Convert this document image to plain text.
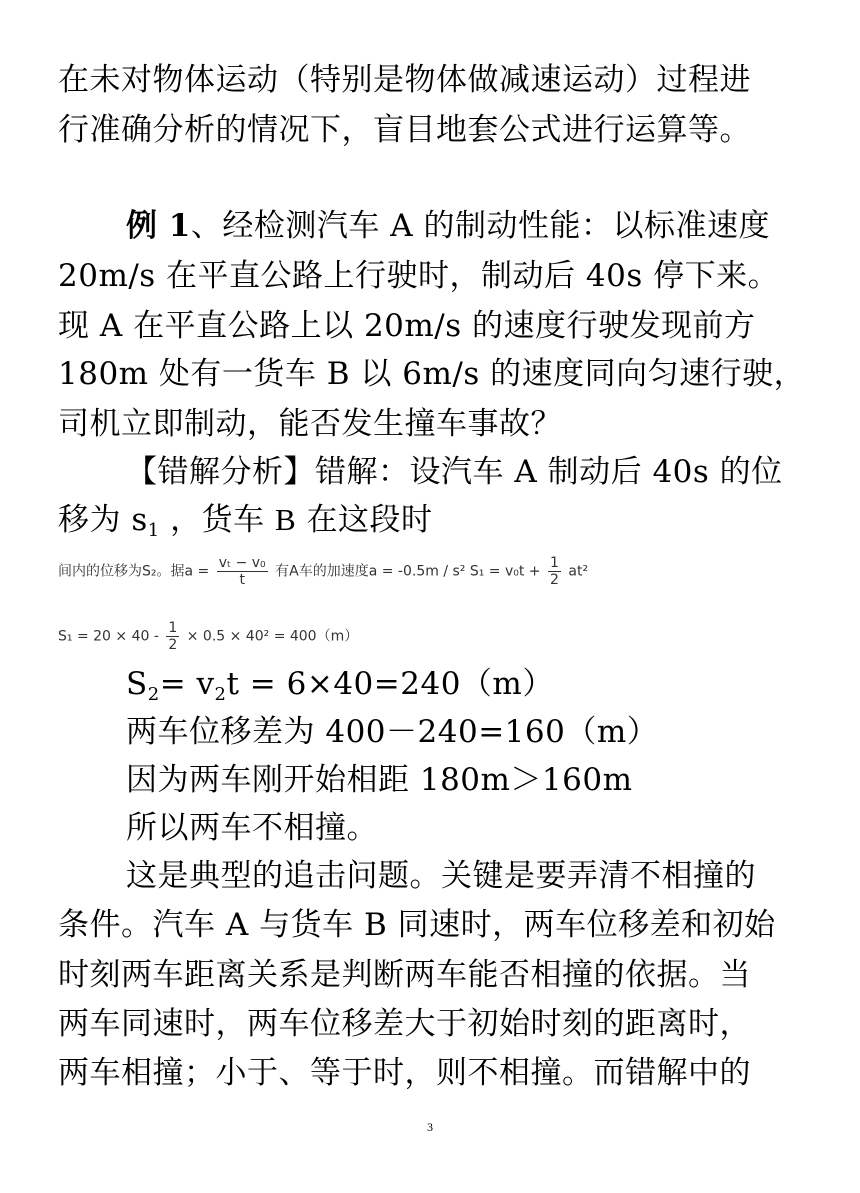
在未对物体运动（特别是物体做减速运动）过程进
行准确分析的情况下，盲目地套公式进行运算等。
例 1、经检测汽车 A 的制动性能：以标准速度
20m/s 在平直公路上行驶时，制动后 40s 停下来。
现 A 在平直公路上以 20m/s 的速度行驶发现前方
180m 处有一货车 B 以 6m/s 的速度同向匀速行驶，
司机立即制动，能否发生撞车事故？
【错解分析】错解：设汽车 A 制动后 40s 的位
移为 $s_1$ ，货车 B 在这段时
间内的位移为S₂。据$a = \frac{\text{vₜ − v₀}}{t}$ 有A车的加速度a = -0.5m / s² $S_1 = v_0t + \frac{1}{2} at^2$
$S_1 = 20 \times 40 - \frac{1}{2} \times 0.5 \times 40^2 = 400(m)$
$S_2= v_2t = 6\times 40=240(m)$
两车位移差为 400－240=160（m）
因为两车刚开始相距 180m＞160m
所以两车不相撞。
这是典型的追击问题。关键是要弄清不相撞的
条件。汽车 A 与货车 B 同速时，两车位移差和初始
时刻两车距离关系是判断两车能否相撞的依据。当
两车同速时，两车位移差大于初始时刻的距离时，
两车相撞；小于、等于时，则不相撞。而错解中的
3
